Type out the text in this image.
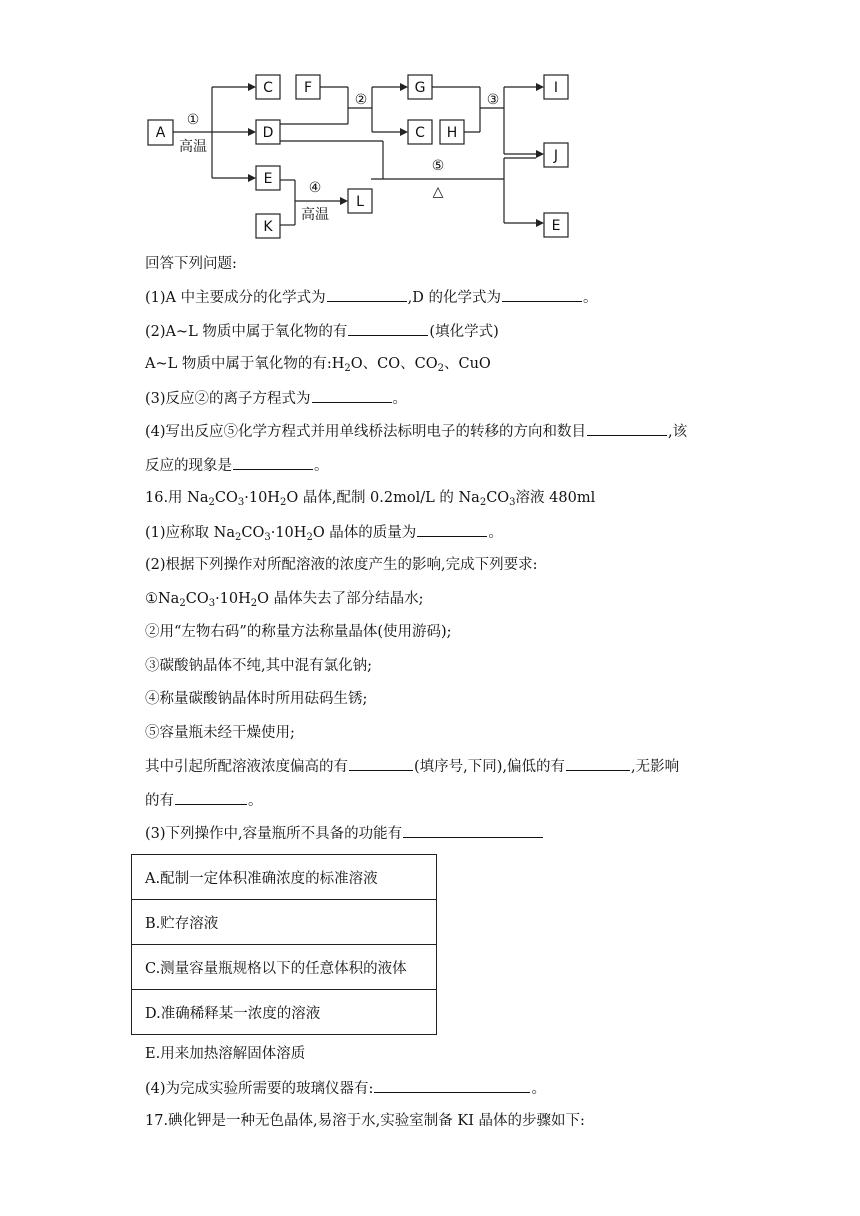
A
C
D
E
K
F
L
G
C H
I
J
E
①
高温
②	③
④
高温
⑤
△
回答下列问题:
(1)A 中主要成分的化学式为	,D 的化学式为	。
(2)A~L 物质中属于氧化物的有	(填化学式)
A~L 物质中属于氧化物的有$:H_2O$、CO、$CO_2$、CuO
(3)反应②的离子方程式为	。
(4)写出反应⑤化学方程式并用单线桥法标明电子的转移的方向和数目	,该
反应的现象是	。
16.用 $Na_2CO_3\cdot 10H_2O$ 晶体,配制 0.2mol/L 的 $Na_2CO_3$溶液 480ml
(1)应称取 $Na_2CO_3\cdot 10H_2O$ 晶体的质量为	。
(2)根据下列操作对所配溶液的浓度产生的影响,完成下列要求:
$①Na_2CO_3\cdot 10H_2O$ 晶体失去了部分结晶水;
②用“左物右码”的称量方法称量晶体(使用游码);
③碳酸钠晶体不纯,其中混有氯化钠;
④称量碳酸钠晶体时所用砝码生锈;
⑤容量瓶未经干燥使用;
其中引起所配溶液浓度偏高的有	(填序号,下同),偏低的有	,无影响
的有	。
(3)下列操作中,容量瓶所不具备的功能有
A.配制一定体积准确浓度的标准溶液
B.贮存溶液
C.测量容量瓶规格以下的任意体积的液体
D.准确稀释某一浓度的溶液
E.用来加热溶解固体溶质
(4)为完成实验所需要的玻璃仪器有:	。
17.碘化钾是一种无色晶体,易溶于水,实验室制备 KI 晶体的步骤如下:
